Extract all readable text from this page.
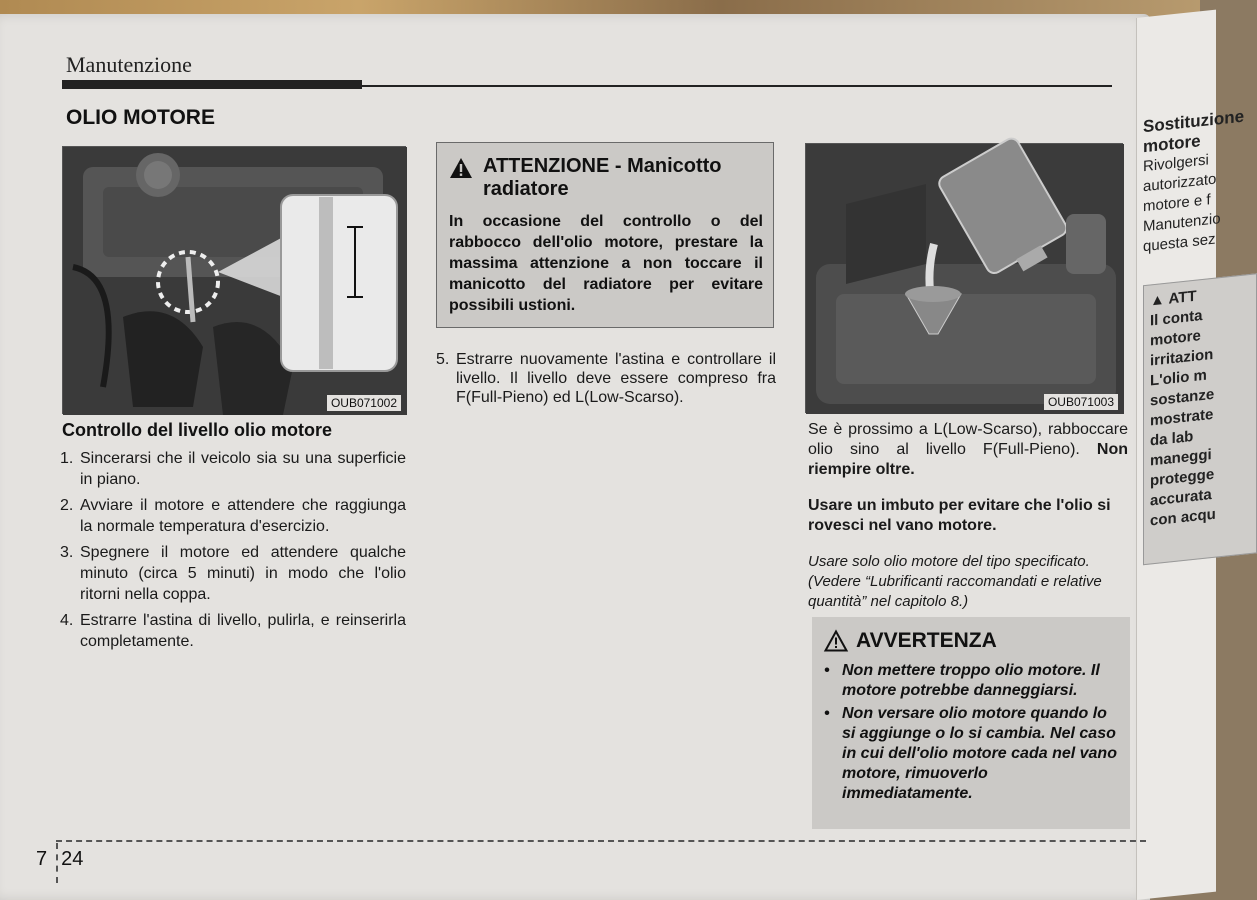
Sostituzione motore
Rivolgersi
autorizzato
motore e f
Manutenzio
questa sez
▲ ATT
Il conta
motore
irritazion
L'olio m
sostanze
mostrate
da lab
maneggi
protegge
accurata
con acqu
Manutenzione
OLIO MOTORE
OUB071002
Controllo del livello olio motore
1. Sincerarsi che il veicolo sia su una superficie in piano.
2. Avviare il motore e attendere che raggiunga la normale temperatura d'esercizio.
3. Spegnere il motore ed attendere qualche minuto (circa 5 minuti) in modo che l'olio ritorni nella coppa.
4. Estrarre l'astina di livello, pulirla, e reinserirla completamente.
ATTENZIONE - Manicotto radiatore
In occasione del controllo o del rabbocco dell'olio motore, prestare la massima attenzione a non toccare il manicotto del radiatore per evitare possibili ustioni.
5. Estrarre nuovamente l'astina e controllare il livello. Il livello deve essere compreso fra F(Full-Pieno) ed L(Low-Scarso).	OUB071003
Se è prossimo a L(Low-Scarso), rabboccare olio sino al livello F(Full-Pieno). Non riempire oltre.
Usare un imbuto per evitare che l'olio si rovesci nel vano motore.
Usare solo olio motore del tipo specificato. (Vedere “Lubrificanti raccomandati e relative quantità” nel capitolo 8.)
AVVERTENZA
• Non mettere troppo olio motore. Il motore potrebbe danneggiarsi.
• Non versare olio motore quando lo si aggiunge o lo si cambia. Nel caso in cui dell'olio motore cada nel vano motore, rimuoverlo immediatamente.
7 24
